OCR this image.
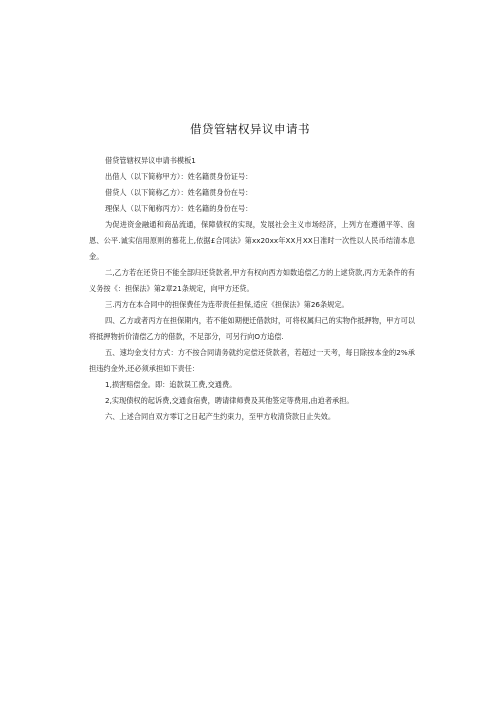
借贷管辖权异议申请书

借贷管辖权异议申请书模板1

出借人（以下简称甲方）：姓名籍贯身份证号：

借贷人（以下简称乙方）：姓名籍贯身份在号：

理保人（以下匍称丙方）：姓名籍的身份在号：

为促进资金融通和商品流通，保障债权的实现，发展社会主义市场经济，上列方在遵循平等、囱恩、公平.诚实信用原则的慕花上,依据£合同法》第xx20xx年XX月XX日准时一次性以人民币结清本息金。

二,乙方若在还贷日不能全部归还贷款者,甲方有权向西方如数追偿乙方的上逑贷款,丙方无条件的有义务按《：担保法》第2章21条规定，向甲方还贷。

三.丙方在本合同中的担保费任为连带责任担保,适应《担保法》第26条规定。

四、乙方或者丙方在担保期内，若不能如期便迁借款时，可将权属归己的实物作抵押物，甲方可以将抵押物折价清偿乙方的借款，不足部分，可另行向O方追偿.

五、速均金支付方式：方不按合同请务就约定偿还贷款者，若超过一天考，每日除按本金的2%承担违约金外,还必须承担如下责任：

1,损害赔偿金。即：追款误工费,交通费。

2,实现债权的起诉费,交通食宿费，聘请律师费及其他签定等费用,由迫者承担。

六、上述合同自双方零订之日起产生约束力，至甲方收清贷款日止失效。
